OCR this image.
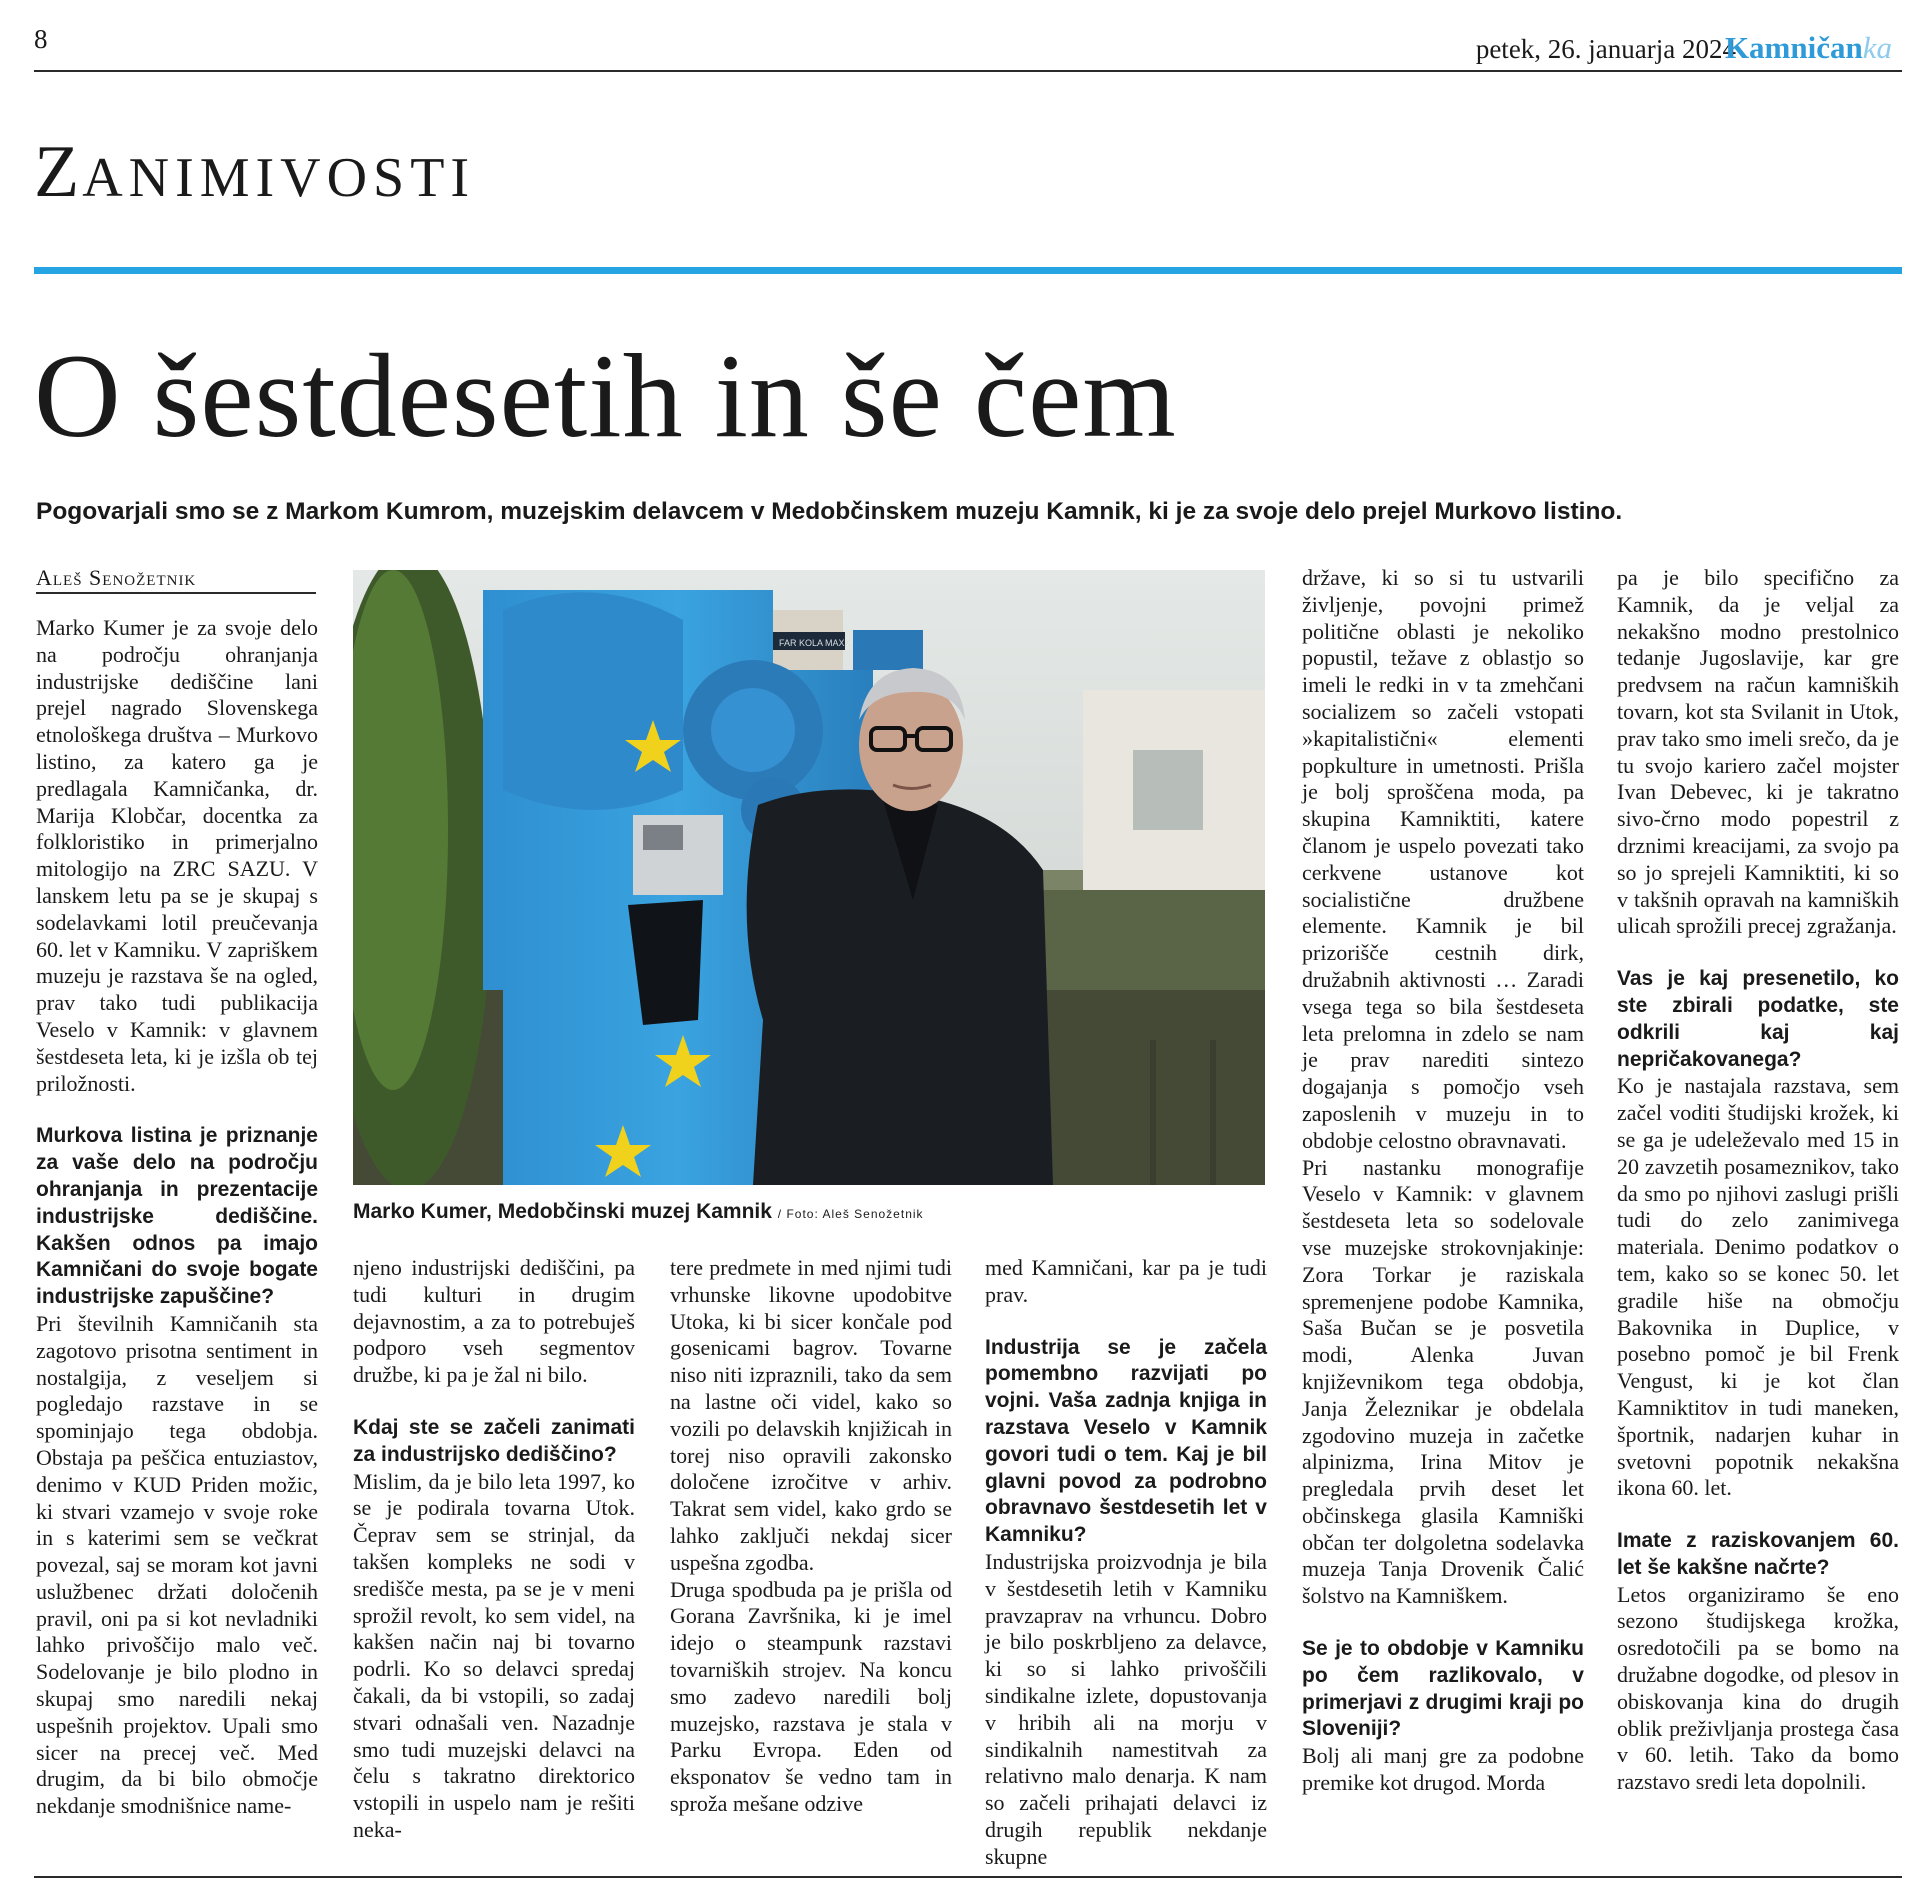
8	petek, 26. januarja 2024
Kamničanka
ZANIMIVOSTI
O šestdesetih in še čem
Pogovarjali smo se z Markom Kumrom, muzejskim delavcem v Medobčinskem muzeju Kamnik, ki je za svoje delo prejel Murkovo listino.
Aleš Senožetnik
FAR KOLA MAXX
Marko Kumer, Medobčinski muzej Kamnik / Foto: Aleš Senožetnik

Marko Kumer je za svoje delo na področju ohranjanja industrijske dediščine lani prejel nagrado Slovenskega etnološkega društva – Murkovo listino, za katero ga je predlagala Kamničanka, dr. Marija Klobčar, docentka za folkloristiko in primerjalno mitologijo na ZRC SAZU. V lanskem letu pa se je skupaj s sodelavkami lotil preučevanja 60. let v Kamniku. V zapriškem muzeju je razstava še na ogled, prav tako tudi publikacija Veselo v Kamnik: v glavnem šestdeseta leta, ki je izšla ob tej priložnosti.

Murkova listina je priznanje za vaše delo na področju ohranjanja in prezentacije industrijske dediščine. Kakšen odnos pa imajo Kamničani do svoje bogate industrijske zapuščine?

Pri številnih Kamničanih sta zagotovo prisotna sentiment in nostalgija, z veseljem si pogledajo razstave in se spominjajo tega obdobja. Obstaja pa peščica entuziastov, denimo v KUD Priden možic, ki stvari vzamejo v svoje roke in s katerimi sem se večkrat povezal, saj se moram kot javni uslužbenec držati določenih pravil, oni pa si kot nevladniki lahko privoščijo malo več. Sodelovanje je bilo plodno in skupaj smo naredili nekaj uspešnih projektov. Upali smo sicer na precej več. Med drugim, da bi bilo območje nekdanje smodnišnice name-

njeno industrijski dediščini, pa tudi kulturi in drugim dejavnostim, a za to potrebuješ podporo vseh segmentov družbe, ki pa je žal ni bilo.

Kdaj ste se začeli zanimati za industrijsko dediščino?

Mislim, da je bilo leta 1997, ko se je podirala tovarna Utok. Čeprav sem se strinjal, da takšen kompleks ne sodi v središče mesta, pa se je v meni sprožil revolt, ko sem videl, na kakšen način naj bi tovarno podrli. Ko so delavci spredaj čakali, da bi vstopili, so zadaj stvari odnašali ven. Nazadnje smo tudi muzejski delavci na čelu s takratno direktorico vstopili in uspelo nam je rešiti neka-

tere predmete in med njimi tudi vrhunske likovne upodobitve Utoka, ki bi sicer končale pod gosenicami bagrov. Tovarne niso niti izpraznili, tako da sem na lastne oči videl, kako so vozili po delavskih knjižicah in torej niso opravili zakonsko določene izročitve v arhiv. Takrat sem videl, kako grdo se lahko zaključi nekdaj sicer uspešna zgodba.

Druga spodbuda pa je prišla od Gorana Završnika, ki je imel idejo o steampunk razstavi tovarniških strojev. Na koncu smo zadevo naredili bolj muzejsko, razstava je stala v Parku Evropa. Eden od eksponatov še vedno tam in sproža mešane odzive

med Kamničani, kar pa je tudi prav.

Industrija se je začela pomembno razvijati po vojni. Vaša zadnja knjiga in razstava Veselo v Kamnik govori tudi o tem. Kaj je bil glavni povod za podrobno obravnavo šestdesetih let v Kamniku?

Industrijska proizvodnja je bila v šestdesetih letih v Kamniku pravzaprav na vrhuncu. Dobro je bilo poskrbljeno za delavce, ki so si lahko privoščili sindikalne izlete, dopustovanja v hribih ali na morju v sindikalnih namestitvah za relativno malo denarja. K nam so začeli prihajati delavci iz drugih republik nekdanje skupne

države, ki so si tu ustvarili življenje, povojni primež politične oblasti je nekoliko popustil, težave z oblastjo so imeli le redki in v ta zmehčani socializem so začeli vstopati »kapitalistični« elementi popkulture in umetnosti. Prišla je bolj sproščena moda, pa skupina Kamniktiti, katere članom je uspelo povezati tako cerkvene ustanove kot socialistične družbene elemente. Kamnik je bil prizorišče cestnih dirk, družabnih aktivnosti … Zaradi vsega tega so bila šestdeseta leta prelomna in zdelo se nam je prav narediti sintezo dogajanja s pomočjo vseh zaposlenih v muzeju in to obdobje celostno obravnavati.

Pri nastanku monografije Veselo v Kamnik: v glavnem šestdeseta leta so sodelovale vse muzejske strokovnjakinje: Zora Torkar je raziskala spremenjene podobe Kamnika, Saša Bučan se je posvetila modi, Alenka Juvan književnikom tega obdobja, Janja Železnikar je obdelala zgodovino muzeja in začetke alpinizma, Irina Mitov je pregledala prvih deset let občinskega glasila Kamniški občan ter dolgoletna sodelavka muzeja Tanja Drovenik Čalić šolstvo na Kamniškem.

Se je to obdobje v Kamniku po čem razlikovalo, v primerjavi z drugimi kraji po Sloveniji?

Bolj ali manj gre za podobne premike kot drugod. Morda

pa je bilo specifično za Kamnik, da je veljal za nekakšno modno prestolnico tedanje Jugoslavije, kar gre predvsem na račun kamniških tovarn, kot sta Svilanit in Utok, prav tako smo imeli srečo, da je tu svojo kariero začel mojster Ivan Debevec, ki je takratno sivo-črno modo popestril z drznimi kreacijami, za svojo pa so jo sprejeli Kamniktiti, ki so v takšnih opravah na kamniških ulicah sprožili precej zgražanja.

Vas je kaj presenetilo, ko ste zbirali podatke, ste odkrili kaj kaj nepričakovanega?

Ko je nastajala razstava, sem začel voditi študijski krožek, ki se ga je udeleževalo med 15 in 20 zavzetih posameznikov, tako da smo po njihovi zaslugi prišli tudi do zelo zanimivega materiala. Denimo podatkov o tem, kako so se konec 50. let gradile hiše na območju Bakovnika in Duplice, v posebno pomoč je bil Frenk Vengust, ki je kot član Kamniktitov in tudi maneken, športnik, nadarjen kuhar in svetovni popotnik nekakšna ikona 60. let.

Imate z raziskovanjem 60. let še kakšne načrte?

Letos organiziramo še eno sezono študijskega krožka, osredotočili pa se bomo na družabne dogodke, od plesov in obiskovanja kina do drugih oblik preživljanja prostega časa v 60. letih. Tako da bomo razstavo sredi leta dopolnili.
